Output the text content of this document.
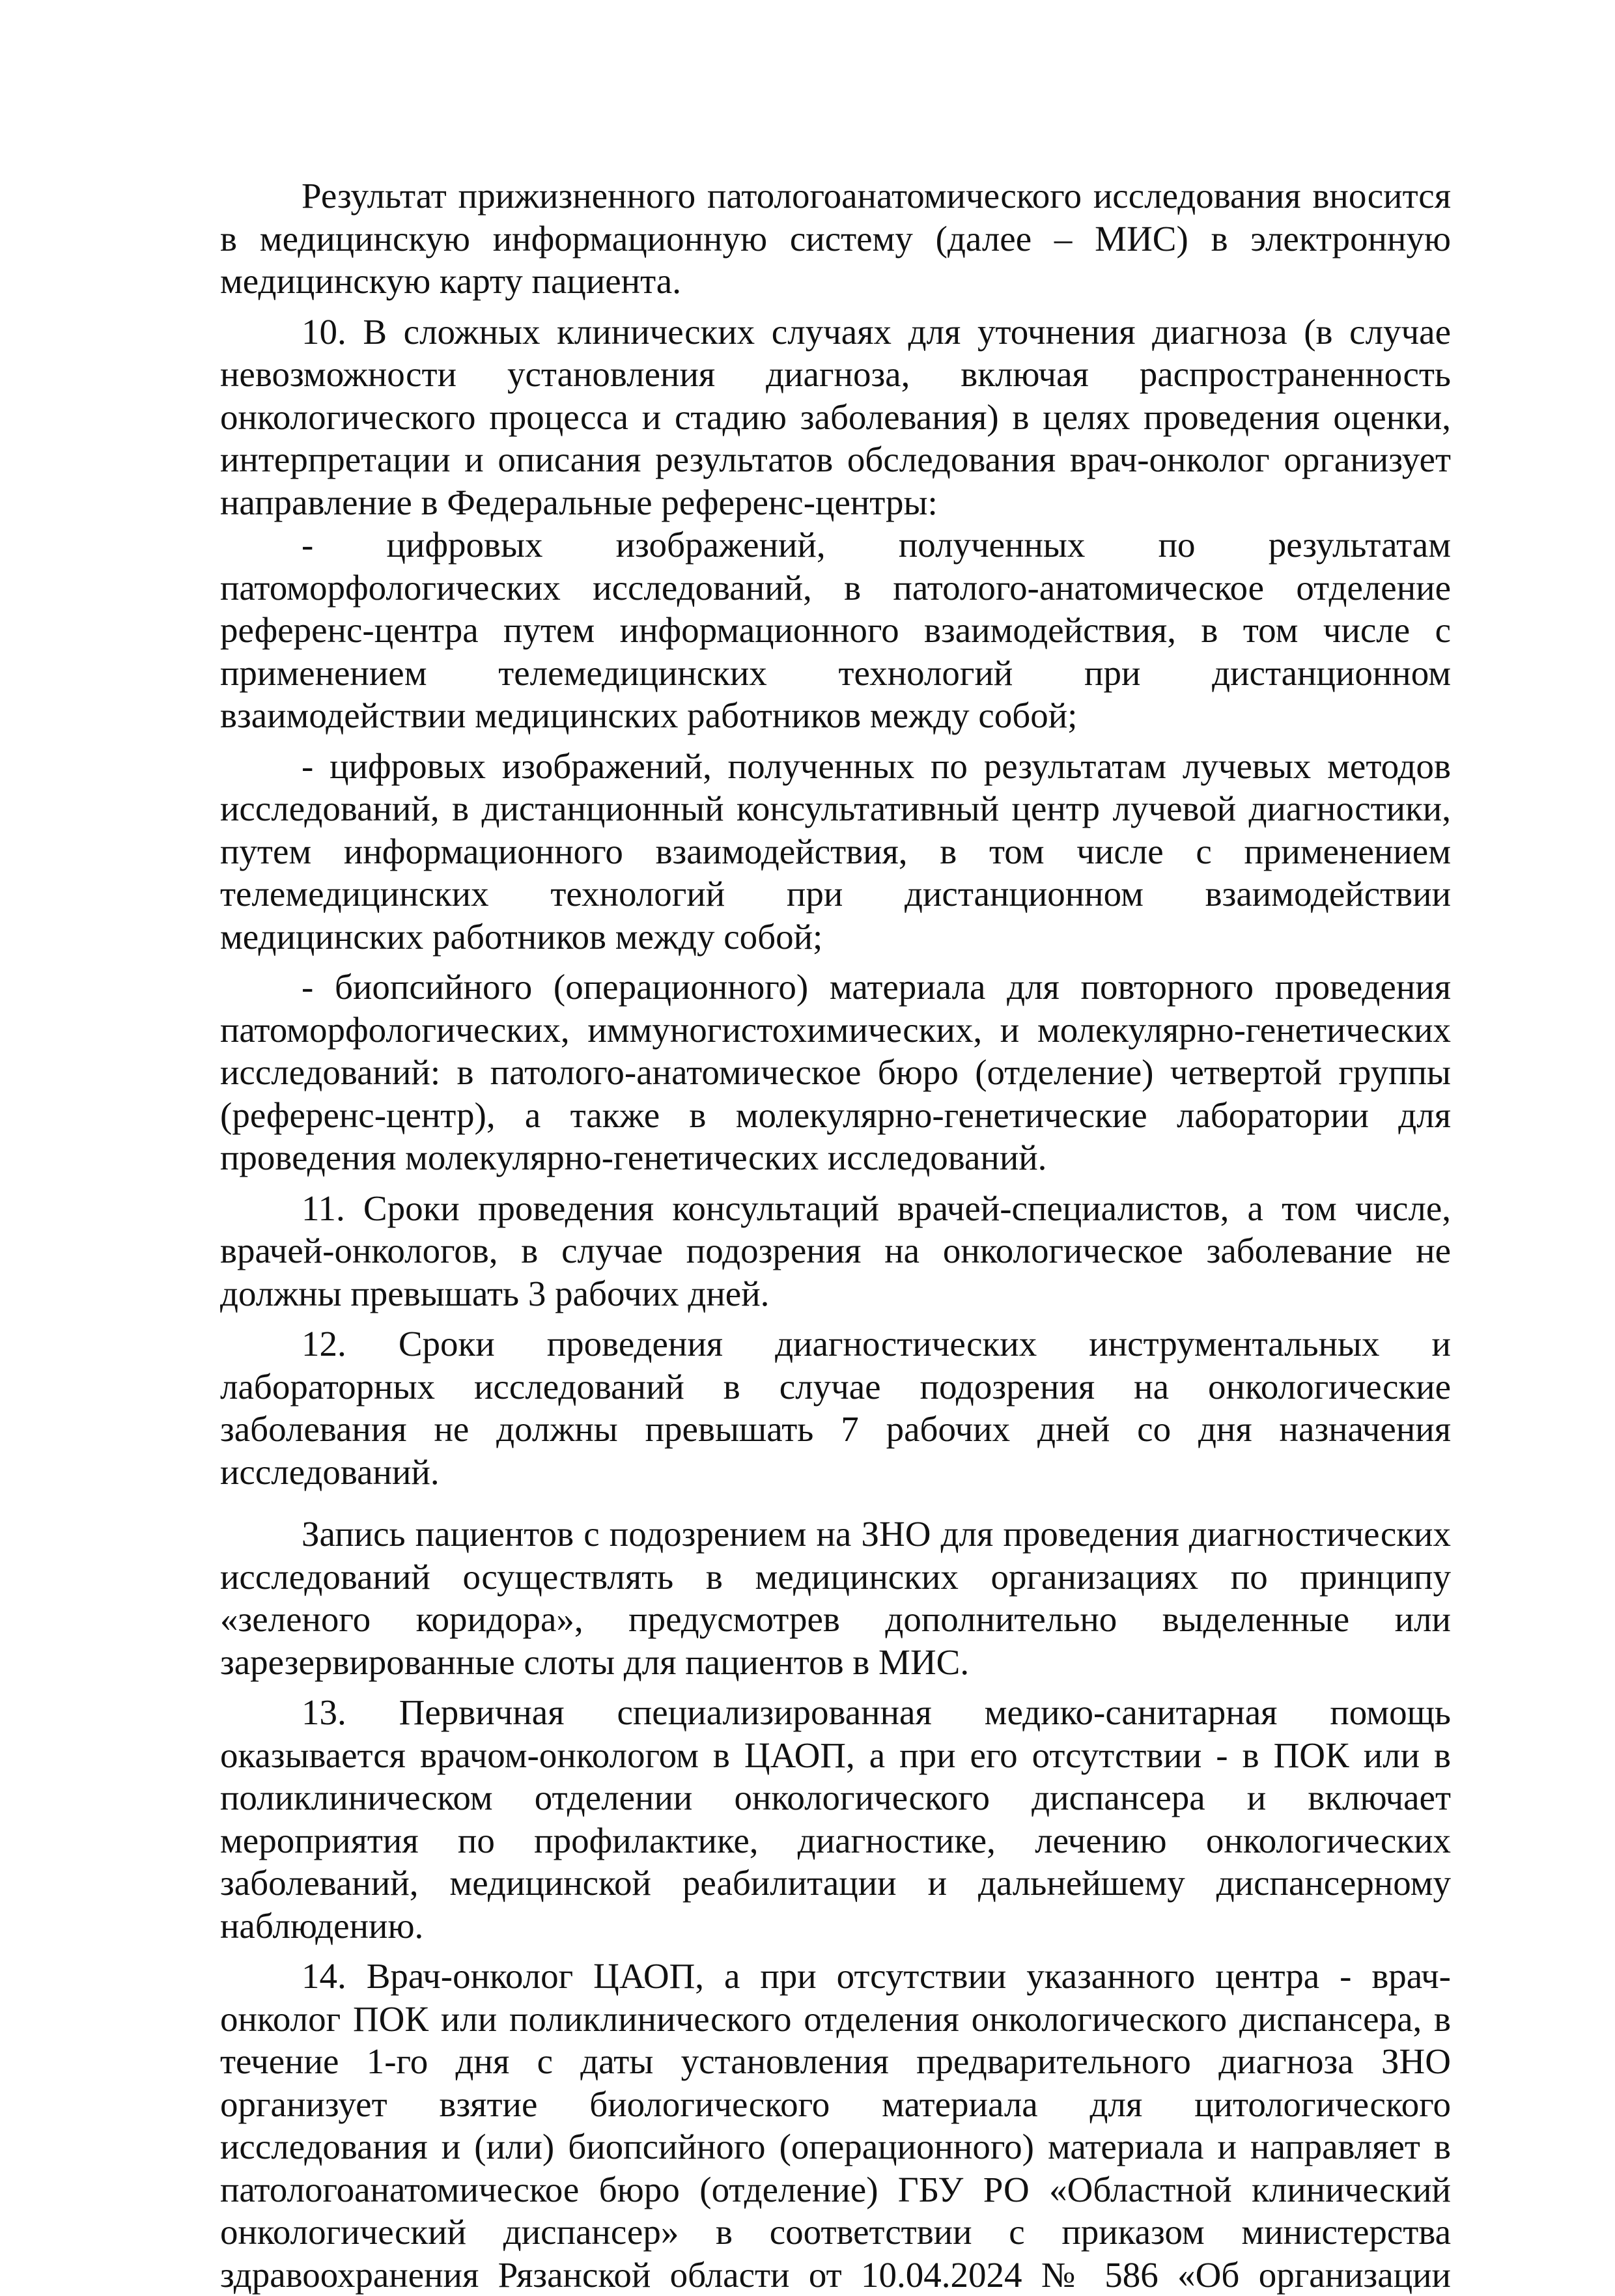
Результат прижизненного патологоанатомического исследования вносится в медицинскую информационную систему (далее – МИС) в электронную медицинскую карту пациента.

10. В сложных клинических случаях для уточнения диагноза (в случае невозможности установления диагноза, включая распространенность онкологического процесса и стадию заболевания) в целях проведения оценки, интерпретации и описания результатов обследования врач-онколог организует направление в Федеральные референс-центры:

- цифровых изображений, полученных по результатам патоморфологических исследований, в патолого-анатомическое отделение референс-центра путем информационного взаимодействия, в том числе с применением телемедицинских технологий при дистанционном взаимодействии медицинских работников между собой;

- цифровых изображений, полученных по результатам лучевых методов исследований, в дистанционный консультативный центр лучевой диагностики, путем информационного взаимодействия, в том числе с применением телемедицинских технологий при дистанционном взаимодействии медицинских работников между собой;

- биопсийного (операционного) материала для повторного проведения патоморфологических, иммуногистохимических, и молекулярно-генетических исследований: в патолого-анатомическое бюро (отделение) четвертой группы (референс-центр), а также в молекулярно-генетические лаборатории для проведения молекулярно-генетических исследований.

11. Сроки проведения консультаций врачей-специалистов, а том числе, врачей-онкологов, в случае подозрения на онкологическое заболевание не должны превышать 3 рабочих дней.

12. Сроки проведения диагностических инструментальных и лабораторных исследований в случае подозрения на онкологические заболевания не должны превышать 7 рабочих дней со дня назначения исследований.

Запись пациентов с подозрением на ЗНО для проведения диагностических исследований осуществлять в медицинских организациях по принципу «зеленого коридора», предусмотрев дополнительно выделенные или зарезервированные слоты для пациентов в МИС.

13. Первичная специализированная медико-санитарная помощь оказывается врачом-онкологом в ЦАОП, а при его отсутствии - в ПОК или в поликлиническом отделении онкологического диспансера и включает мероприятия по профилактике, диагностике, лечению онкологических заболеваний, медицинской реабилитации и дальнейшему диспансерному наблюдению.

14. Врач-онколог ЦАОП, а при отсутствии указанного центра - врач-онколог ПОК или поликлинического отделения онкологического диспансера, в течение 1-го дня с даты установления предварительного диагноза ЗНО организует взятие биологического материала для цитологического исследования и (или) биопсийного (операционного) материала и направляет в патологоанатомическое бюро (отделение) ГБУ РО «Областной клинический онкологический диспансер» в соответствии с приказом министерства здравоохранения Рязанской области от 10.04.2024 № 586 «Об организации
